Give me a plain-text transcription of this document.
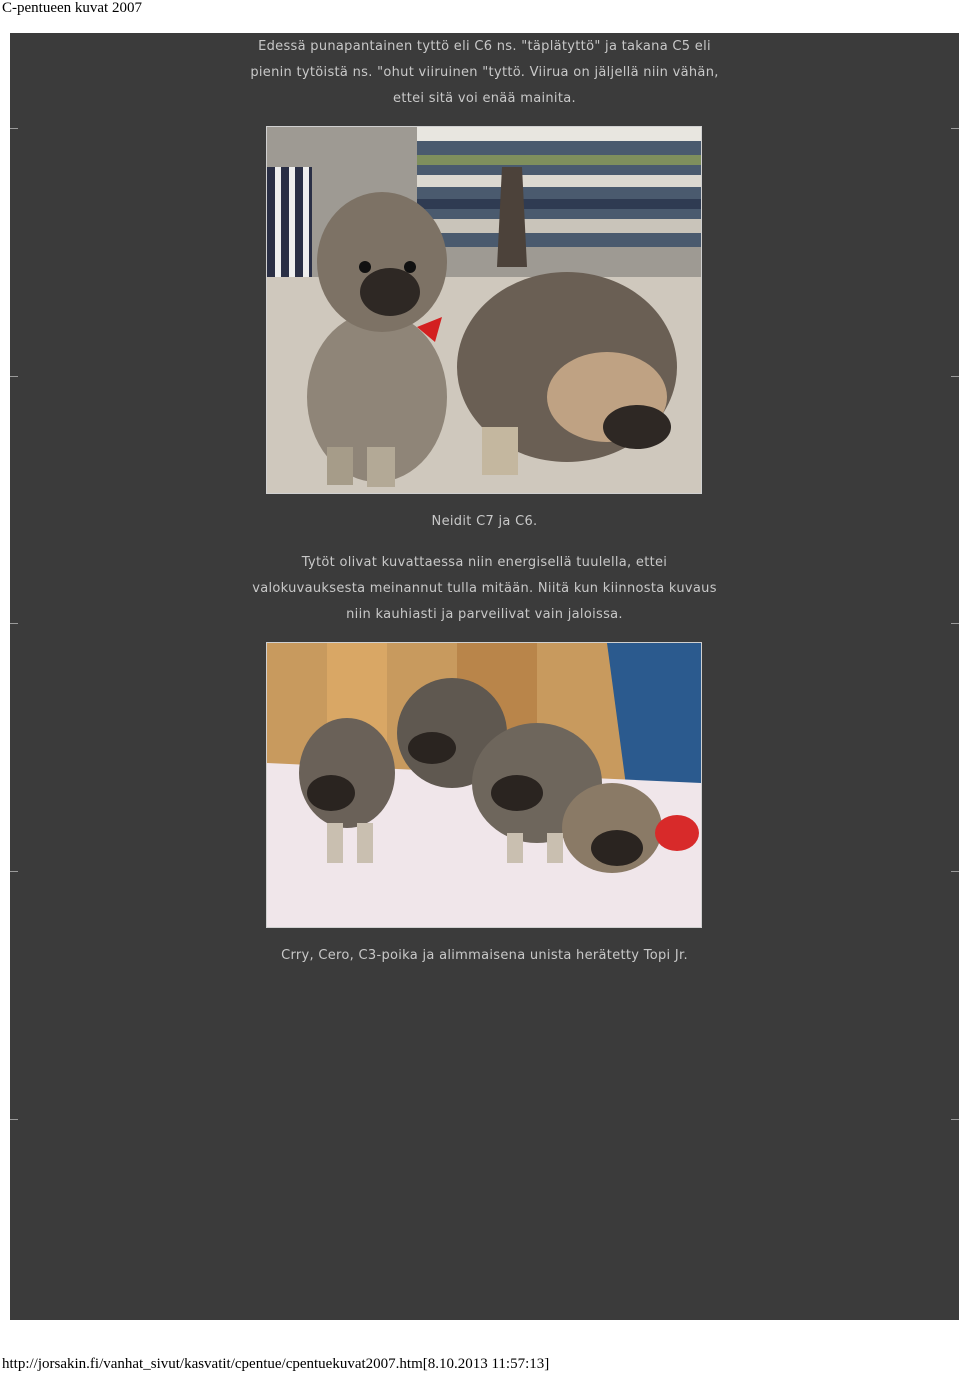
C-pentueen kuvat 2007
Edessä punapantainen tyttö eli C6 ns. "täplätyttö" ja takana C5 eli
pienin tytöistä ns. "ohut viiruinen "tyttö. Viirua on jäljellä niin vähän,
ettei sitä voi enää mainita.
Neidit C7 ja C6.
Tytöt olivat kuvattaessa niin energisellä tuulella, ettei
valokuvauksesta meinannut tulla mitään. Niitä kun kiinnosta kuvaus
niin kauhiasti ja parveilivat vain jaloissa.
Crry, Cero, C3-poika ja alimmaisena unista herätetty Topi Jr.
http://jorsakin.fi/vanhat_sivut/kasvatit/cpentue/cpentuekuvat2007.htm[8.10.2013 11:57:13]
